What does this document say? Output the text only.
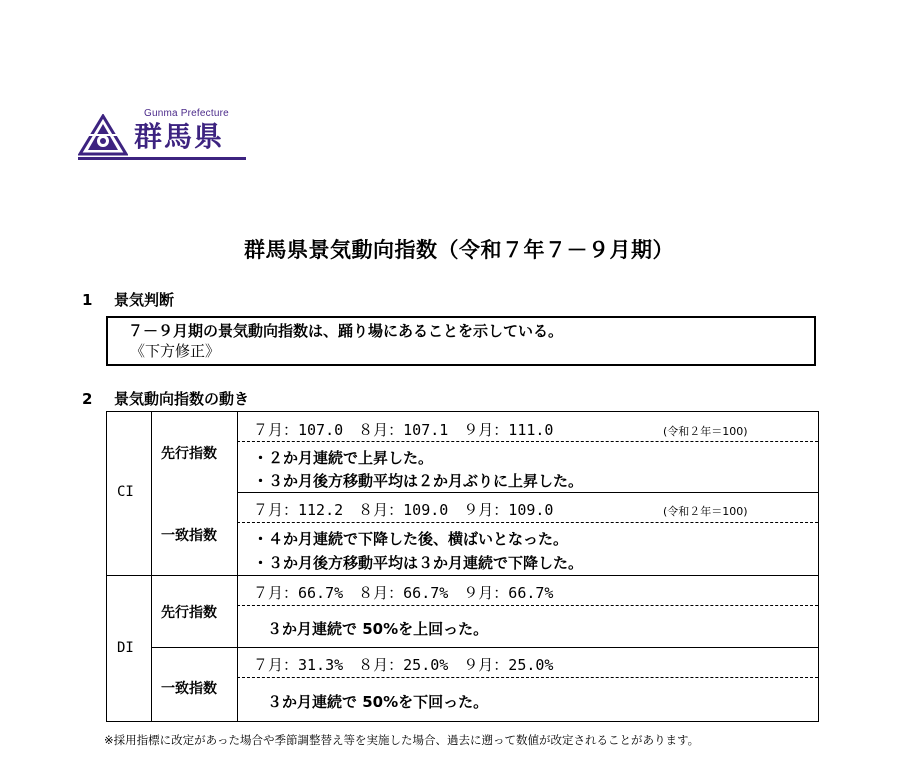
Gunma Prefecture
群馬県
群馬県景気動向指数（令和７年７－９月期）
1 景気判断
７－９月期の景気動向指数は、踊り場にあることを示している。
《下方修正》
2 景気動向指数の動き
CI
DI
先行指数
一致指数
先行指数
一致指数
７月：107.0　８月：107.1　９月：111.0	(令和２年＝100)
・２か月連続で上昇した。
・３か月後方移動平均は２か月ぶりに上昇した。
７月：112.2　８月：109.0　９月：109.0	(令和２年＝100)
・４か月連続で下降した後、横ばいとなった。
・３か月後方移動平均は３か月連続で下降した。
７月：66.7%　８月：66.7%　９月：66.7%
３か月連続で 50%を上回った。
７月：31.3%　８月：25.0%　９月：25.0%
３か月連続で 50%を下回った。
※採用指標に改定があった場合や季節調整替え等を実施した場合、過去に遡って数値が改定されることがあります。
